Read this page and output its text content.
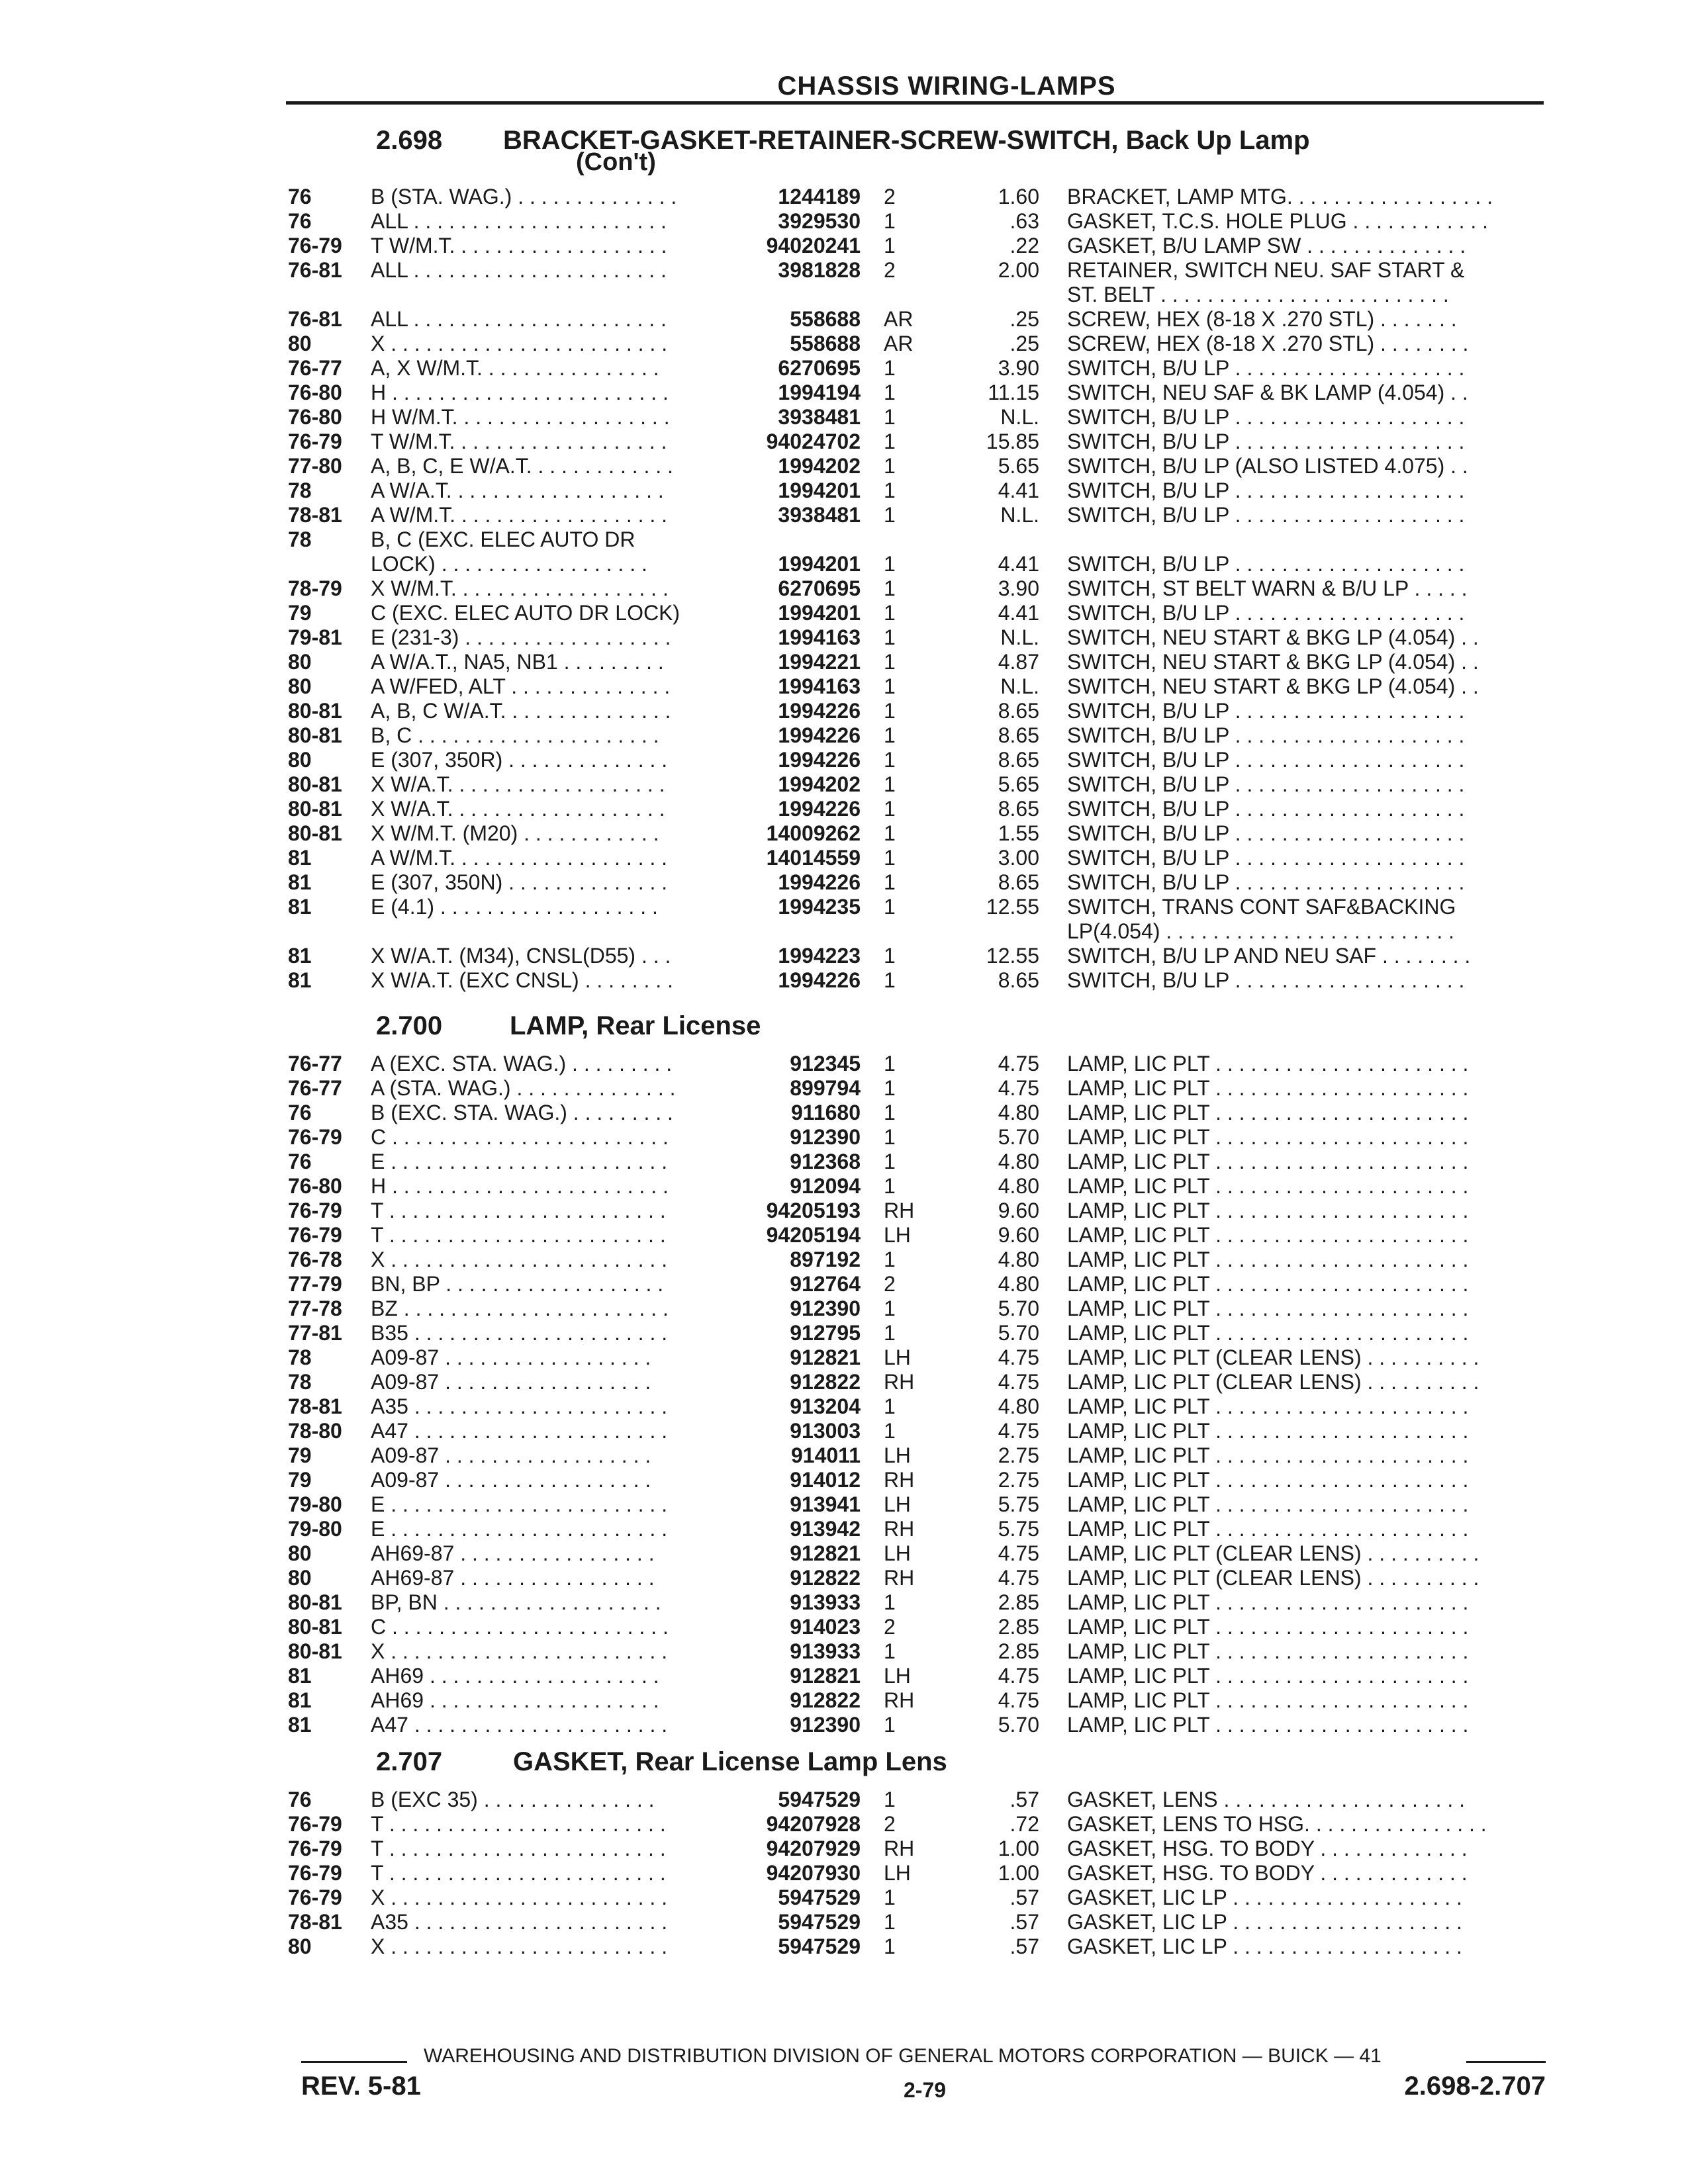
CHASSIS WIRING-LAMPS
2.698 BRACKET-GASKET-RETAINER-SCREW-SWITCH, Back Up Lamp
(Con't)
76	B (STA. WAG.) . . . . . . . . . . . . . .	1244189 2	1.60 BRACKET, LAMP MTG. . . . . . . . . . . . . . . . . .
76	ALL . . . . . . . . . . . . . . . . . . . . . .	3929530 1	.63 GASKET, T.C.S. HOLE PLUG . . . . . . . . . . . .
76-79 T W/M.T. . . . . . . . . . . . . . . . . . .	94020241 1	.22 GASKET, B/U LAMP SW . . . . . . . . . . . . . .
76-81 ALL . . . . . . . . . . . . . . . . . . . . . .	3981828 2	2.00 RETAINER, SWITCH NEU. SAF START &
ST. BELT . . . . . . . . . . . . . . . . . . . . . . . . .
76-81 ALL . . . . . . . . . . . . . . . . . . . . . .	558688 AR	.25 SCREW, HEX (8-18 X .270 STL) . . . . . . .
80	X . . . . . . . . . . . . . . . . . . . . . . . .	558688 AR	.25 SCREW, HEX (8-18 X .270 STL) . . . . . . . .
76-77 A, X W/M.T. . . . . . . . . . . . . . . .	6270695 1	3.90 SWITCH, B/U LP . . . . . . . . . . . . . . . . . . . .
76-80 H . . . . . . . . . . . . . . . . . . . . . . . .	1994194 1	11.15 SWITCH, NEU SAF & BK LAMP (4.054) . .
76-80 H W/M.T. . . . . . . . . . . . . . . . . . .	3938481 1	N.L. SWITCH, B/U LP . . . . . . . . . . . . . . . . . . . .
76-79 T W/M.T. . . . . . . . . . . . . . . . . . .	94024702 1	15.85 SWITCH, B/U LP . . . . . . . . . . . . . . . . . . . .
77-80 A, B, C, E W/A.T. . . . . . . . . . . . .	1994202 1	5.65 SWITCH, B/U LP (ALSO LISTED 4.075) . .
78	A W/A.T. . . . . . . . . . . . . . . . . . .	1994201 1	4.41 SWITCH, B/U LP . . . . . . . . . . . . . . . . . . . .
78-81 A W/M.T. . . . . . . . . . . . . . . . . . .	3938481 1	N.L. SWITCH, B/U LP . . . . . . . . . . . . . . . . . . . .
78	B, C (EXC. ELEC AUTO DR
LOCK) . . . . . . . . . . . . . . . . . .	1994201 1	4.41 SWITCH, B/U LP . . . . . . . . . . . . . . . . . . . .
78-79 X W/M.T. . . . . . . . . . . . . . . . . . .	6270695 1	3.90 SWITCH, ST BELT WARN & B/U LP . . . . .
79	C (EXC. ELEC AUTO DR LOCK)	1994201 1	4.41 SWITCH, B/U LP . . . . . . . . . . . . . . . . . . . .
79-81 E (231-3) . . . . . . . . . . . . . . . . . .	1994163 1	N.L. SWITCH, NEU START & BKG LP (4.054) . .
80	A W/A.T., NA5, NB1 . . . . . . . . .	1994221 1	4.87 SWITCH, NEU START & BKG LP (4.054) . .
80	A W/FED, ALT . . . . . . . . . . . . . .	1994163 1	N.L. SWITCH, NEU START & BKG LP (4.054) . .
80-81 A, B, C W/A.T. . . . . . . . . . . . . . .	1994226 1	8.65 SWITCH, B/U LP . . . . . . . . . . . . . . . . . . . .
80-81 B, C . . . . . . . . . . . . . . . . . . . . .	1994226 1	8.65 SWITCH, B/U LP . . . . . . . . . . . . . . . . . . . .
80	E (307, 350R) . . . . . . . . . . . . . .	1994226 1	8.65 SWITCH, B/U LP . . . . . . . . . . . . . . . . . . . .
80-81 X W/A.T. . . . . . . . . . . . . . . . . . .	1994202 1	5.65 SWITCH, B/U LP . . . . . . . . . . . . . . . . . . . .
80-81 X W/A.T. . . . . . . . . . . . . . . . . . .	1994226 1	8.65 SWITCH, B/U LP . . . . . . . . . . . . . . . . . . . .
80-81 X W/M.T. (M20) . . . . . . . . . . . .	14009262 1	1.55 SWITCH, B/U LP . . . . . . . . . . . . . . . . . . . .
81	A W/M.T. . . . . . . . . . . . . . . . . . .	14014559 1	3.00 SWITCH, B/U LP . . . . . . . . . . . . . . . . . . . .
81	E (307, 350N) . . . . . . . . . . . . . .	1994226 1	8.65 SWITCH, B/U LP . . . . . . . . . . . . . . . . . . . .
81	E (4.1) . . . . . . . . . . . . . . . . . . .	1994235 1	12.55 SWITCH, TRANS CONT SAF&BACKING
LP(4.054) . . . . . . . . . . . . . . . . . . . . . . . . .
81	X W/A.T. (M34), CNSL(D55) . . .	1994223 1	12.55 SWITCH, B/U LP AND NEU SAF . . . . . . . .
81	X W/A.T. (EXC CNSL) . . . . . . . .	1994226 1	8.65 SWITCH, B/U LP . . . . . . . . . . . . . . . . . . . .
2.700	LAMP, Rear License
76-77 A (EXC. STA. WAG.) . . . . . . . . .	912345 1	4.75 LAMP, LIC PLT . . . . . . . . . . . . . . . . . . . . . .
76-77 A (STA. WAG.) . . . . . . . . . . . . . .	899794 1	4.75 LAMP, LIC PLT . . . . . . . . . . . . . . . . . . . . . .
76	B (EXC. STA. WAG.) . . . . . . . . .	911680 1	4.80 LAMP, LIC PLT . . . . . . . . . . . . . . . . . . . . . .
76-79 C . . . . . . . . . . . . . . . . . . . . . . . .	912390 1	5.70 LAMP, LIC PLT . . . . . . . . . . . . . . . . . . . . . .
76	E . . . . . . . . . . . . . . . . . . . . . . . .	912368 1	4.80 LAMP, LIC PLT . . . . . . . . . . . . . . . . . . . . . .
76-80 H . . . . . . . . . . . . . . . . . . . . . . . .	912094 1	4.80 LAMP, LIC PLT . . . . . . . . . . . . . . . . . . . . . .
76-79 T . . . . . . . . . . . . . . . . . . . . . . . .	94205193 RH	9.60 LAMP, LIC PLT . . . . . . . . . . . . . . . . . . . . . .
76-79 T . . . . . . . . . . . . . . . . . . . . . . . .	94205194 LH	9.60 LAMP, LIC PLT . . . . . . . . . . . . . . . . . . . . . .
76-78 X . . . . . . . . . . . . . . . . . . . . . . . .	897192 1	4.80 LAMP, LIC PLT . . . . . . . . . . . . . . . . . . . . . .
77-79 BN, BP . . . . . . . . . . . . . . . . . . .	912764 2	4.80 LAMP, LIC PLT . . . . . . . . . . . . . . . . . . . . . .
77-78 BZ . . . . . . . . . . . . . . . . . . . . . . .	912390 1	5.70 LAMP, LIC PLT . . . . . . . . . . . . . . . . . . . . . .
77-81 B35 . . . . . . . . . . . . . . . . . . . . . .	912795 1	5.70 LAMP, LIC PLT . . . . . . . . . . . . . . . . . . . . . .
78	A09-87 . . . . . . . . . . . . . . . . . .	912821 LH	4.75 LAMP, LIC PLT (CLEAR LENS) . . . . . . . . . .
78	A09-87 . . . . . . . . . . . . . . . . . .	912822 RH	4.75 LAMP, LIC PLT (CLEAR LENS) . . . . . . . . . .
78-81 A35 . . . . . . . . . . . . . . . . . . . . . .	913204 1	4.80 LAMP, LIC PLT . . . . . . . . . . . . . . . . . . . . . .
78-80 A47 . . . . . . . . . . . . . . . . . . . . . .	913003 1	4.75 LAMP, LIC PLT . . . . . . . . . . . . . . . . . . . . . .
79	A09-87 . . . . . . . . . . . . . . . . . .	914011 LH	2.75 LAMP, LIC PLT . . . . . . . . . . . . . . . . . . . . . .
79	A09-87 . . . . . . . . . . . . . . . . . .	914012 RH	2.75 LAMP, LIC PLT . . . . . . . . . . . . . . . . . . . . . .
79-80 E . . . . . . . . . . . . . . . . . . . . . . . .	913941 LH	5.75 LAMP, LIC PLT . . . . . . . . . . . . . . . . . . . . . .
79-80 E . . . . . . . . . . . . . . . . . . . . . . . .	913942 RH	5.75 LAMP, LIC PLT . . . . . . . . . . . . . . . . . . . . . .
80	AH69-87 . . . . . . . . . . . . . . . . .	912821 LH	4.75 LAMP, LIC PLT (CLEAR LENS) . . . . . . . . . .
80	AH69-87 . . . . . . . . . . . . . . . . .	912822 RH	4.75 LAMP, LIC PLT (CLEAR LENS) . . . . . . . . . .
80-81 BP, BN . . . . . . . . . . . . . . . . . . .	913933 1	2.85 LAMP, LIC PLT . . . . . . . . . . . . . . . . . . . . . .
80-81 C . . . . . . . . . . . . . . . . . . . . . . . .	914023 2	2.85 LAMP, LIC PLT . . . . . . . . . . . . . . . . . . . . . .
80-81 X . . . . . . . . . . . . . . . . . . . . . . . .	913933 1	2.85 LAMP, LIC PLT . . . . . . . . . . . . . . . . . . . . . .
81	AH69 . . . . . . . . . . . . . . . . . . . .	912821 LH	4.75 LAMP, LIC PLT . . . . . . . . . . . . . . . . . . . . . .
81	AH69 . . . . . . . . . . . . . . . . . . . .	912822 RH	4.75 LAMP, LIC PLT . . . . . . . . . . . . . . . . . . . . . .
81	A47 . . . . . . . . . . . . . . . . . . . . . .	912390 1	5.70 LAMP, LIC PLT . . . . . . . . . . . . . . . . . . . . . .
2.707	GASKET, Rear License Lamp Lens
76	B (EXC 35) . . . . . . . . . . . . . . .	5947529 1	.57 GASKET, LENS . . . . . . . . . . . . . . . . . . . . .
76-79 T . . . . . . . . . . . . . . . . . . . . . . . .	94207928 2	.72 GASKET, LENS TO HSG. . . . . . . . . . . . . . . .
76-79 T . . . . . . . . . . . . . . . . . . . . . . . .	94207929 RH	1.00 GASKET, HSG. TO BODY . . . . . . . . . . . . .
76-79 T . . . . . . . . . . . . . . . . . . . . . . . .	94207930 LH	1.00 GASKET, HSG. TO BODY . . . . . . . . . . . . .
76-79 X . . . . . . . . . . . . . . . . . . . . . . . .	5947529 1	.57 GASKET, LIC LP . . . . . . . . . . . . . . . . . . . .
78-81 A35 . . . . . . . . . . . . . . . . . . . . . .	5947529 1	.57 GASKET, LIC LP . . . . . . . . . . . . . . . . . . . .
80	X . . . . . . . . . . . . . . . . . . . . . . . .	5947529 1	.57 GASKET, LIC LP . . . . . . . . . . . . . . . . . . . .
WAREHOUSING AND DISTRIBUTION DIVISION OF GENERAL MOTORS CORPORATION — BUICK — 41
REV. 5-81	2-79	2.698-2.707
